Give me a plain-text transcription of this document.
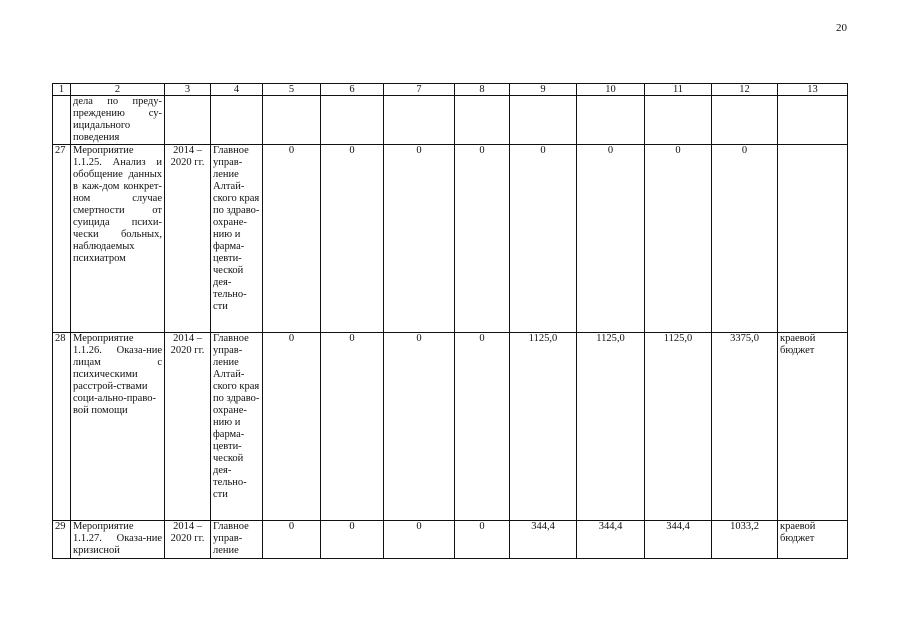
20
1	2	3	4	5	6	7	8	9	10	11	12	13
	дела по преду-преждению су-ицидального поведения											
27	Мероприятие 1.1.25. Анализ и обобщение данных в каж-дом конкрет-ном случае смертности от суицида психи-чески больных, наблюдаемых психиатром	2014 – 2020 гг.	Главное управ-ление Алтай-ского края по здраво-охране-нию и фарма-цевти-ческой дея-тельно-сти	0	0	0	0	0	0	0	0	
28	Мероприятие 1.1.26. Оказа-ние лицам с психическими расстрой-ствами соци-ально-право-вой помощи	2014 – 2020 гг.	Главное управ-ление Алтай-ского края по здраво-охране-нию и фарма-цевти-ческой дея-тельно-сти	0	0	0	0	1125,0	1125,0	1125,0	3375,0	краевой бюджет
29	Мероприятие 1.1.27. Оказа-ние кризисной	2014 – 2020 гг.	Главное управ-ление	0	0	0	0	344,4	344,4	344,4	1033,2	краевой бюджет
